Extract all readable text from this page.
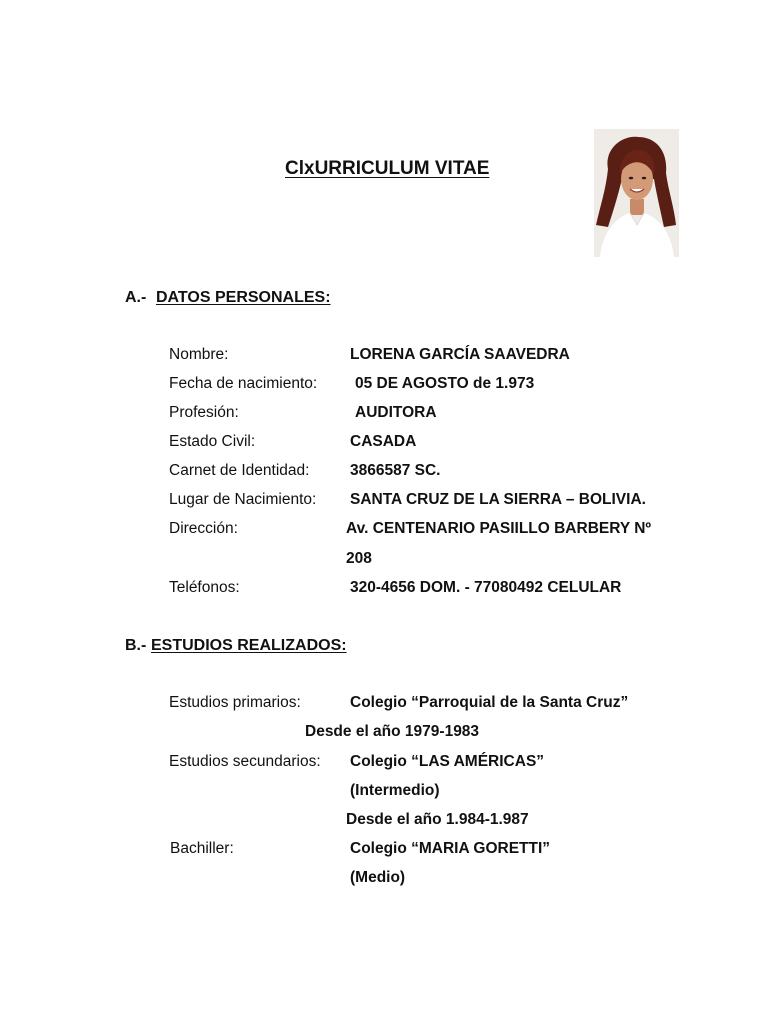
ClxURRICULUM VITAE
A.- DATOS PERSONALES:
Nombre:	LORENA GARCÍA SAAVEDRA
Fecha de nacimiento: 05 DE AGOSTO de 1.973
Profesión:	AUDITORA
Estado Civil:	CASADA
Carnet de Identidad:	3866587 SC.
Lugar de Nacimiento: SANTA CRUZ DE LA SIERRA – BOLIVIA.
Dirección:	Av. CENTENARIO PASIILLO BARBERY Nº
208
Teléfonos:	320-4656 DOM. - 77080492 CELULAR
B.- ESTUDIOS REALIZADOS:
Estudios primarios:	Colegio “Parroquial de la Santa Cruz”
Desde el año 1979-1983
Estudios secundarios: Colegio “LAS AMÉRICAS”
(Intermedio)
Desde el año 1.984-1.987
Bachiller:	Colegio “MARIA GORETTI”
(Medio)
